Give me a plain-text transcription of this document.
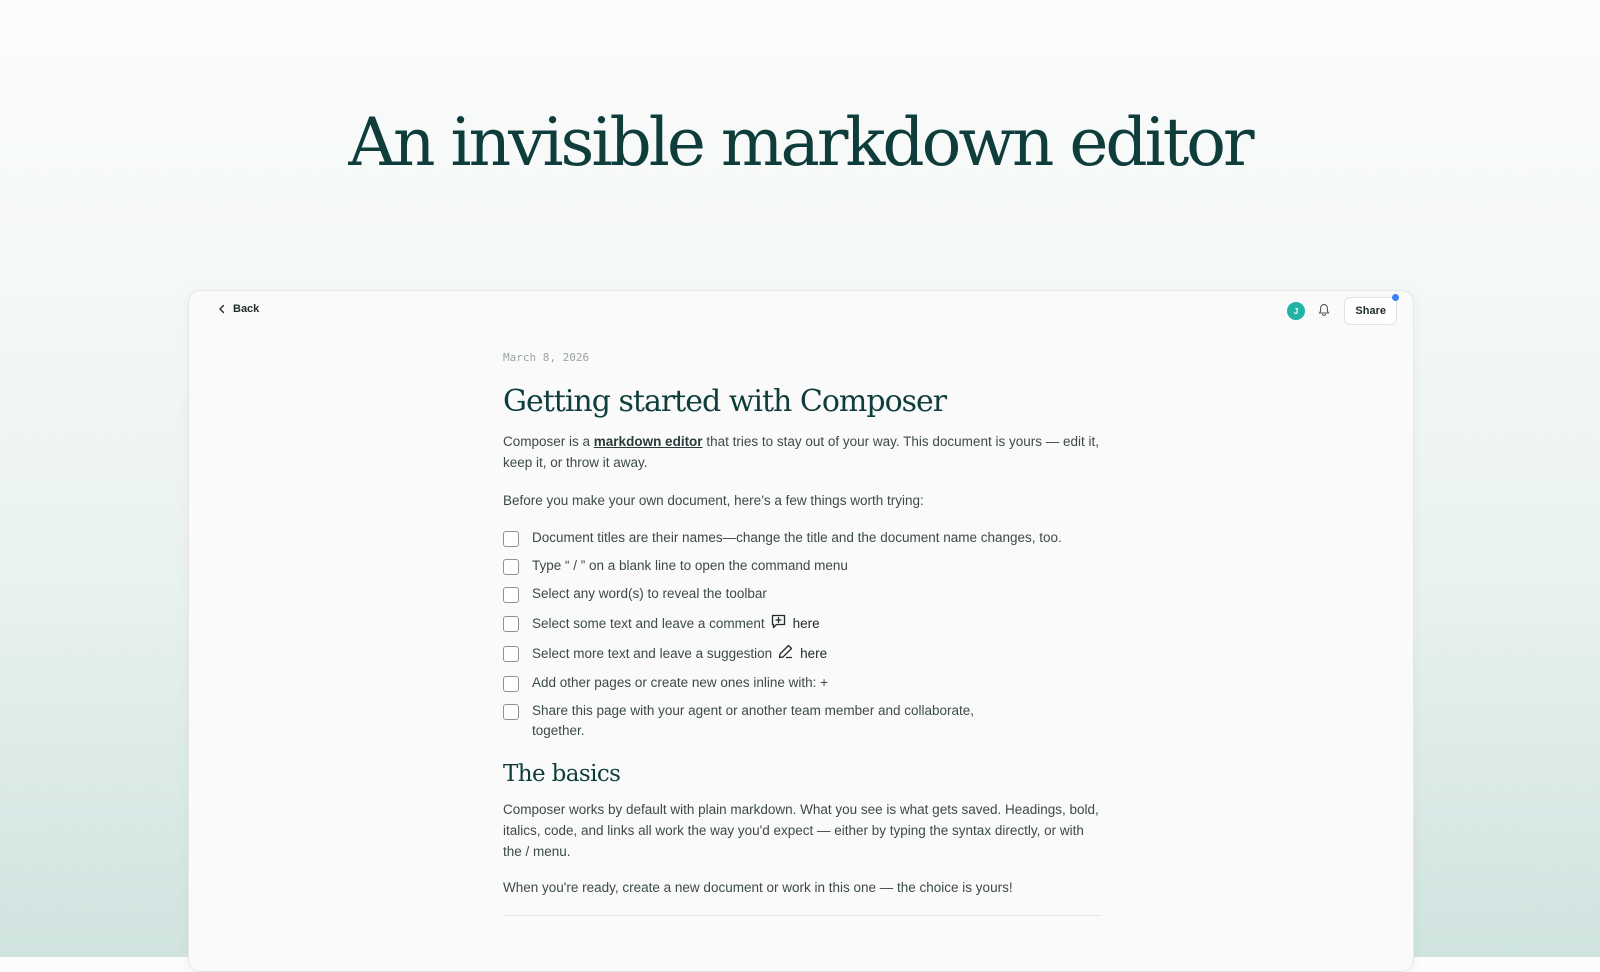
An invisible markdown editor
Back	J	Share

March 8, 2026

Getting started with Composer

Composer is a markdown editor that tries to stay out of your way. This document is yours — edit it, keep it, or throw it away.

Before you make your own document, here’s a few things worth trying:

Document titles are their names—change the title and the document name changes, too.
Type “ / ” on a blank line to open the command menu
Select any word(s) to reveal the toolbar
Select some text and leave a comment here
Select more text and leave a suggestion here
Add other pages or create new ones inline with: +
Share this page with your agent or another team member and collaborate, together.
The basics

Composer works by default with plain markdown. What you see is what gets saved. Headings, bold, italics, code, and links all work the way you'd expect — either by typing the syntax directly, or with the / menu.

When you're ready, create a new document or work in this one — the choice is yours!
